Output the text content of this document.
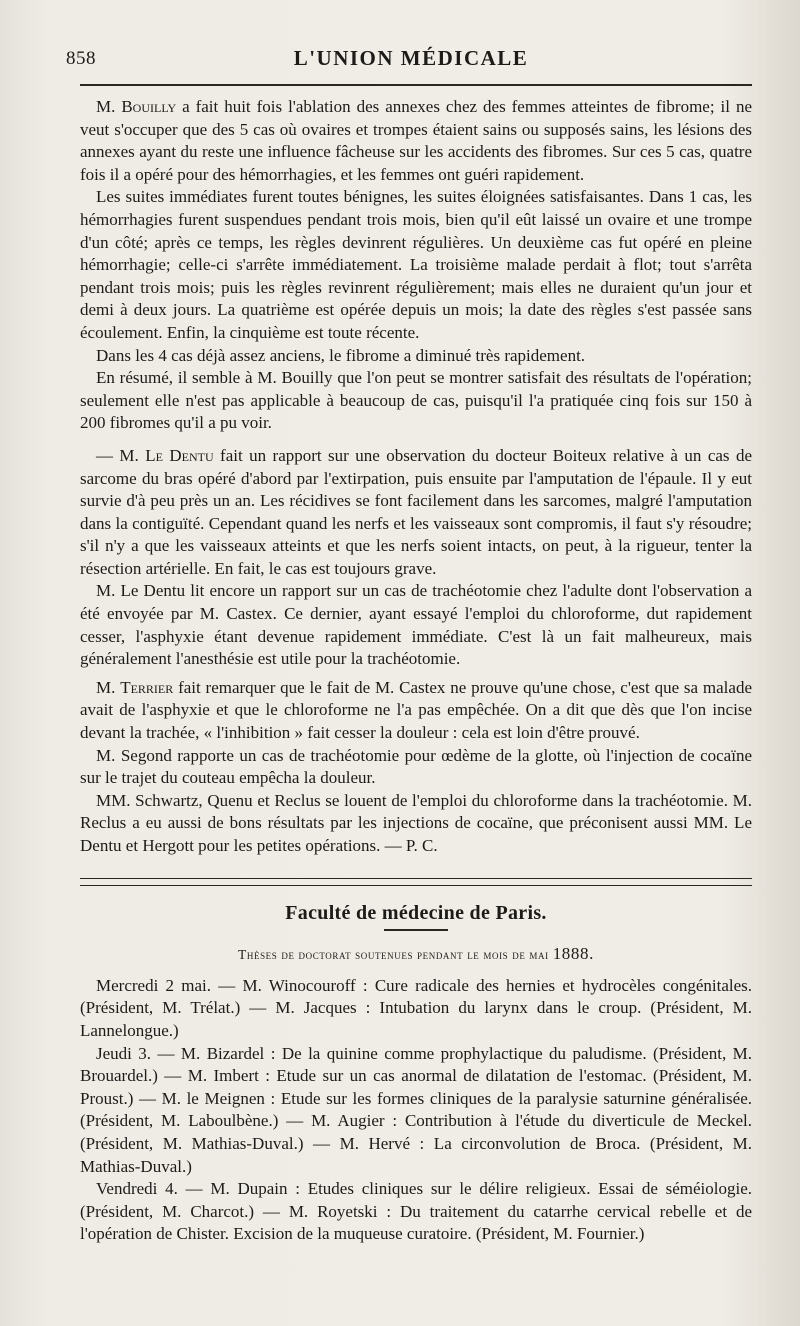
858	L'UNION MÉDICALE

M. Bouilly a fait huit fois l'ablation des annexes chez des femmes atteintes de fibrome; il ne veut s'occuper que des 5 cas où ovaires et trompes étaient sains ou supposés sains, les lésions des annexes ayant du reste une influence fâcheuse sur les accidents des fibromes. Sur ces 5 cas, quatre fois il a opéré pour des hémorrhagies, et les femmes ont guéri rapidement.

Les suites immédiates furent toutes bénignes, les suites éloignées satisfaisantes. Dans 1 cas, les hémorrhagies furent suspendues pendant trois mois, bien qu'il eût laissé un ovaire et une trompe d'un côté; après ce temps, les règles devinrent régulières. Un deuxième cas fut opéré en pleine hémorrhagie; celle-ci s'arrête immédiatement. La troisième malade perdait à flot; tout s'arrêta pendant trois mois; puis les règles revinrent régulièrement; mais elles ne duraient qu'un jour et demi à deux jours. La quatrième est opérée depuis un mois; la date des règles s'est passée sans écoulement. Enfin, la cinquième est toute récente.

Dans les 4 cas déjà assez anciens, le fibrome a diminué très rapidement.

En résumé, il semble à M. Bouilly que l'on peut se montrer satisfait des résultats de l'opération; seulement elle n'est pas applicable à beaucoup de cas, puisqu'il l'a pratiquée cinq fois sur 150 à 200 fibromes qu'il a pu voir.

— M. Le Dentu fait un rapport sur une observation du docteur Boiteux relative à un cas de sarcome du bras opéré d'abord par l'extirpation, puis ensuite par l'amputation de l'épaule. Il y eut survie d'à peu près un an. Les récidives se font facilement dans les sarcomes, malgré l'amputation dans la contiguïté. Cependant quand les nerfs et les vaisseaux sont compromis, il faut s'y résoudre; s'il n'y a que les vaisseaux atteints et que les nerfs soient intacts, on peut, à la rigueur, tenter la résection artérielle. En fait, le cas est toujours grave.

M. Le Dentu lit encore un rapport sur un cas de trachéotomie chez l'adulte dont l'observation a été envoyée par M. Castex. Ce dernier, ayant essayé l'emploi du chloroforme, dut rapidement cesser, l'asphyxie étant devenue rapidement immédiate. C'est là un fait malheureux, mais généralement l'anesthésie est utile pour la trachéotomie.

M. Terrier fait remarquer que le fait de M. Castex ne prouve qu'une chose, c'est que sa malade avait de l'asphyxie et que le chloroforme ne l'a pas empêchée. On a dit que dès que l'on incise devant la trachée, « l'inhibition » fait cesser la douleur : cela est loin d'être prouvé.

M. Segond rapporte un cas de trachéotomie pour œdème de la glotte, où l'injection de cocaïne sur le trajet du couteau empêcha la douleur.

MM. Schwartz, Quenu et Reclus se louent de l'emploi du chloroforme dans la trachéotomie. M. Reclus a eu aussi de bons résultats par les injections de cocaïne, que préconisent aussi MM. Le Dentu et Hergott pour les petites opérations. — P. C.

Faculté de médecine de Paris.
Thèses de doctorat soutenues pendant le mois de mai 1888.

Mercredi 2 mai. — M. Winocouroff : Cure radicale des hernies et hydrocèles congénitales. (Président, M. Trélat.) — M. Jacques : Intubation du larynx dans le croup. (Président, M. Lannelongue.)

Jeudi 3. — M. Bizardel : De la quinine comme prophylactique du paludisme. (Président, M. Brouardel.) — M. Imbert : Etude sur un cas anormal de dilatation de l'estomac. (Président, M. Proust.) — M. le Meignen : Etude sur les formes cliniques de la paralysie saturnine généralisée. (Président, M. Laboulbène.) — M. Augier : Contribution à l'étude du diverticule de Meckel. (Président, M. Mathias-Duval.) — M. Hervé : La circonvolution de Broca. (Président, M. Mathias-Duval.)

Vendredi 4. — M. Dupain : Etudes cliniques sur le délire religieux. Essai de séméiologie. (Président, M. Charcot.) — M. Royetski : Du traitement du catarrhe cervical rebelle et de l'opération de Chister. Excision de la muqueuse curatoire. (Président, M. Fournier.)
